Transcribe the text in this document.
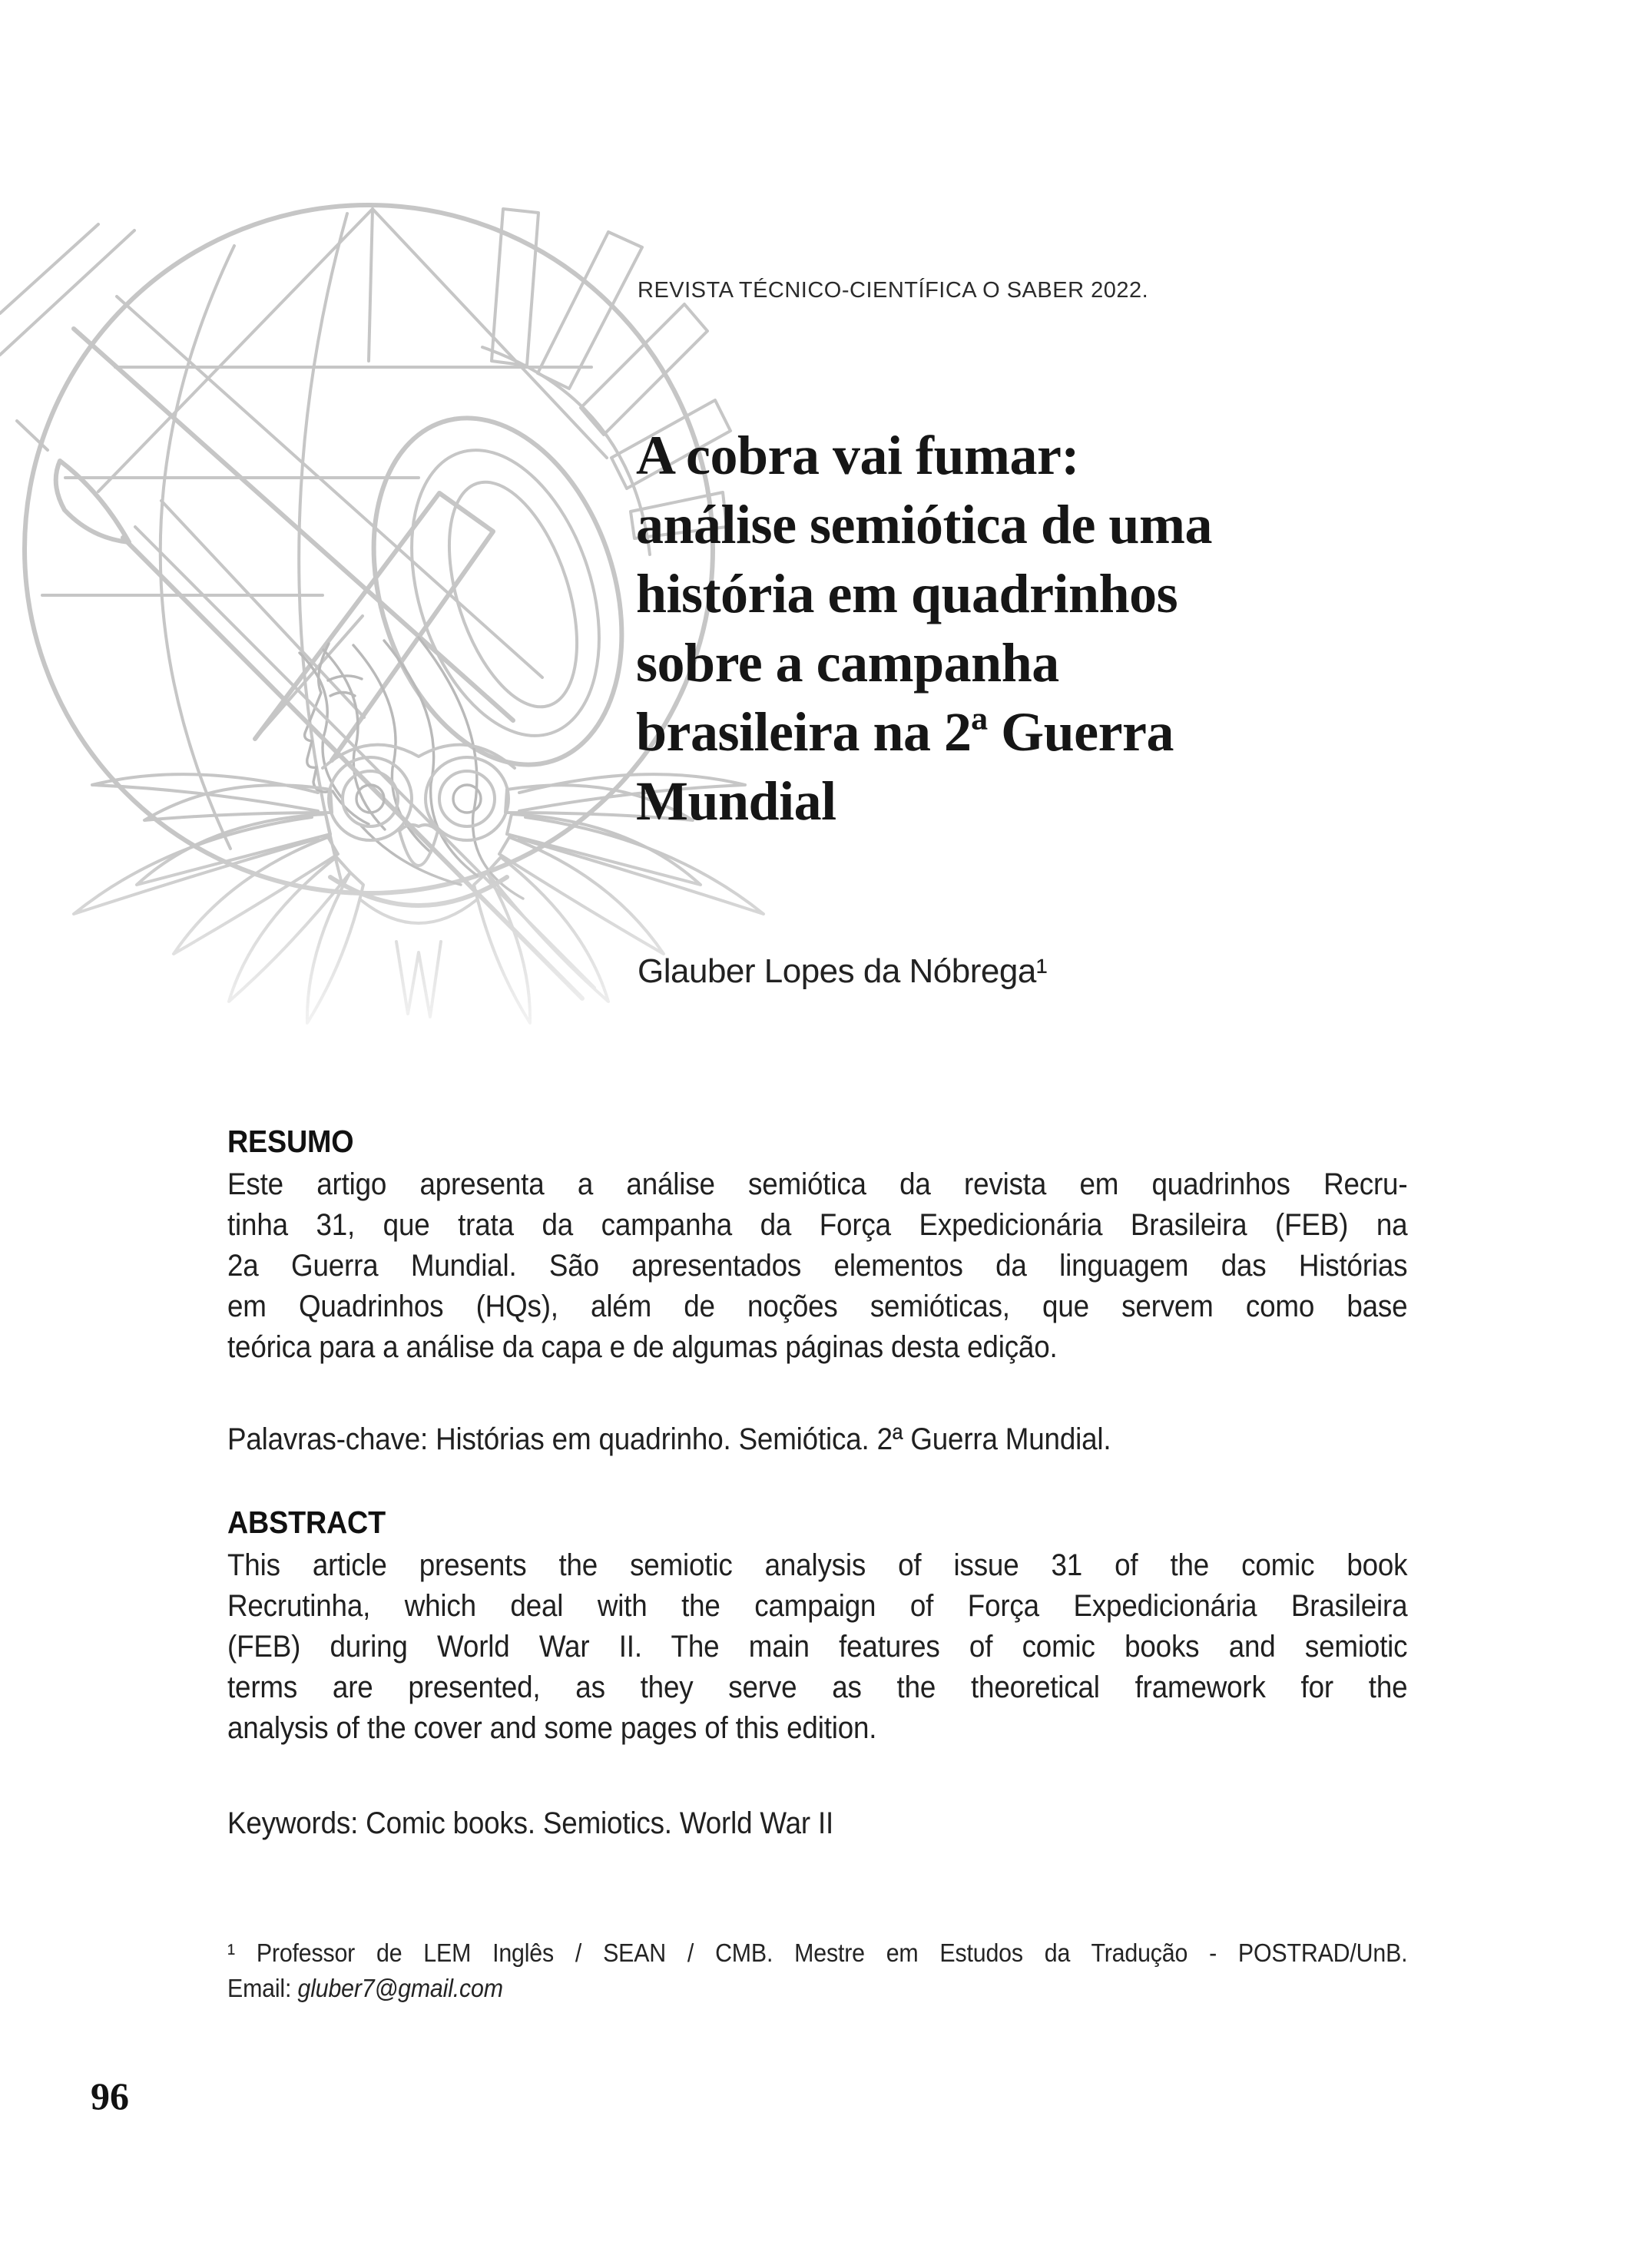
REVISTA TÉCNICO-CIENTÍFICA O SABER 2022.
A cobra vai fumar:
análise semiótica de uma
história em quadrinhos
sobre a campanha
brasileira na 2ª Guerra
Mundial
Glauber Lopes da Nóbrega¹
RESUMO
Este artigo apresenta a análise semiótica da revista em quadrinhos Recru-
tinha 31, que trata da campanha da Força Expedicionária Brasileira (FEB) na
2a Guerra Mundial. São apresentados elementos da linguagem das Histórias
em Quadrinhos (HQs), além de noções semióticas, que servem como base
teórica para a análise da capa e de algumas páginas desta edição.
Palavras-chave: Histórias em quadrinho. Semiótica. 2ª Guerra Mundial.
ABSTRACT
This article presents the semiotic analysis of issue 31 of the comic book
Recrutinha, which deal with the campaign of Força Expedicionária Brasileira
(FEB) during World War II. The main features of comic books and semiotic
terms are presented, as they serve as the theoretical framework for the
analysis of the cover and some pages of this edition.
Keywords: Comic books. Semiotics. World War II
¹ Professor de LEM Inglês / SEAN / CMB. Mestre em Estudos da Tradução - POSTRAD/UnB.
Email: gluber7@gmail.com
96
